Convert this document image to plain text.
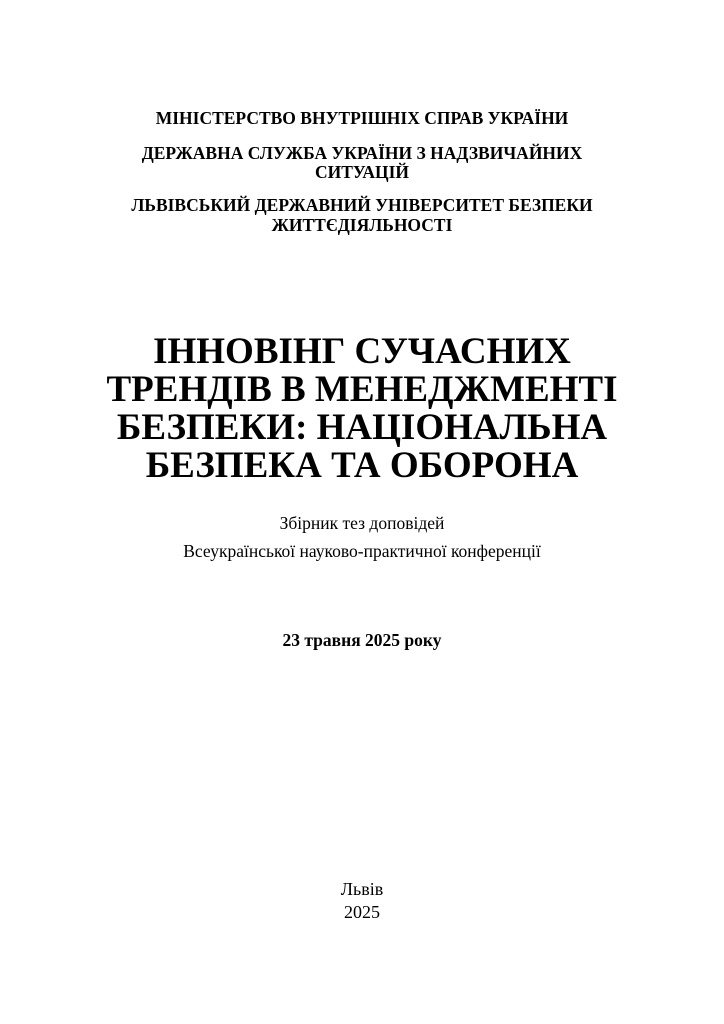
МІНІСТЕРСТВО ВНУТРІШНІХ СПРАВ УКРАЇНИ
ДЕРЖАВНА СЛУЖБА УКРАЇНИ З НАДЗВИЧАЙНИХ
СИТУАЦІЙ
ЛЬВІВСЬКИЙ ДЕРЖАВНИЙ УНІВЕРСИТЕТ БЕЗПЕКИ
ЖИТТЄДІЯЛЬНОСТІ
ІННОВІНГ СУЧАСНИХ
ТРЕНДІВ В МЕНЕДЖМЕНТІ
БЕЗПЕКИ: НАЦІОНАЛЬНА
БЕЗПЕКА ТА ОБОРОНА
Збірник тез доповідей
Всеукраїнської науково-практичної конференції
23 травня 2025 року
Львів
2025
